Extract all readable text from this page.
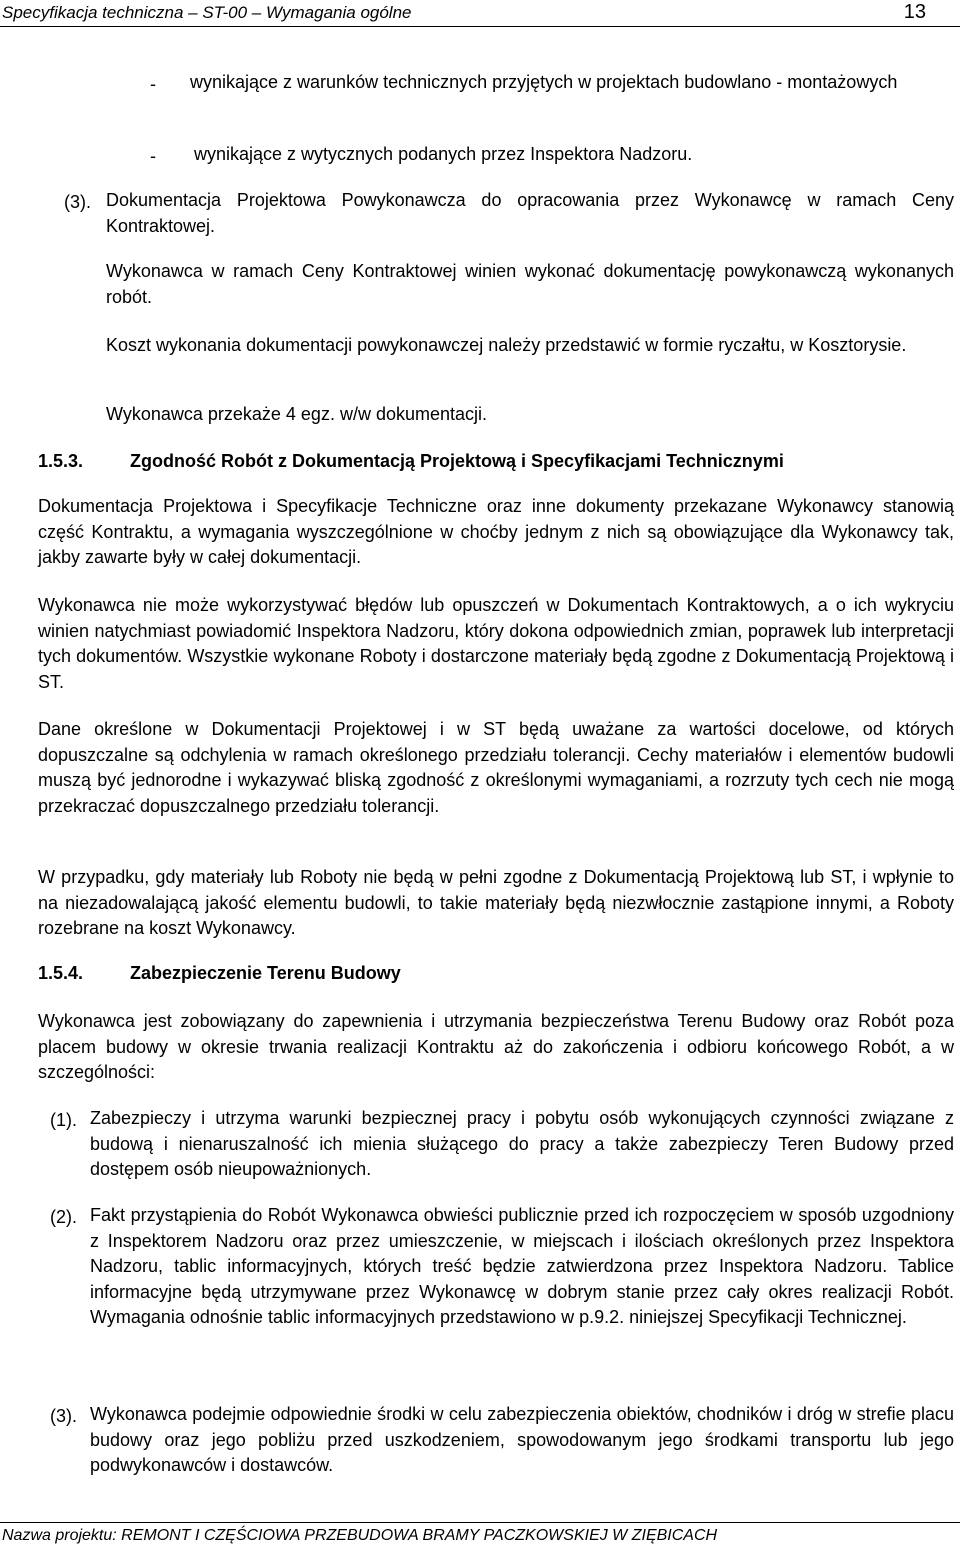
Specyfikacja techniczna – ST-00 – Wymagania ogólne	13
- wynikające z warunków technicznych przyjętych w projektach budowlano - montażowych
- wynikające z wytycznych podanych przez Inspektora Nadzoru.
(3). Dokumentacja Projektowa Powykonawcza do opracowania przez Wykonawcę w ramach Ceny Kontraktowej.
Wykonawca w ramach Ceny Kontraktowej winien wykonać dokumentację powykonawczą wykonanych robót.
Koszt wykonania dokumentacji powykonawczej należy przedstawić w formie ryczałtu, w Kosztorysie.
Wykonawca przekaże 4 egz. w/w dokumentacji.
1.5.3.	Zgodność Robót z Dokumentacją Projektową i Specyfikacjami Technicznymi
Dokumentacja Projektowa i Specyfikacje Techniczne oraz inne dokumenty przekazane Wykonawcy stanowią część Kontraktu, a wymagania wyszczególnione w choćby jednym z nich są obowiązujące dla Wykonawcy tak, jakby zawarte były w całej dokumentacji.
Wykonawca nie może wykorzystywać błędów lub opuszczeń w Dokumentach Kontraktowych, a o ich wykryciu winien natychmiast powiadomić Inspektora Nadzoru, który dokona odpowiednich zmian, poprawek lub interpretacji tych dokumentów. Wszystkie wykonane Roboty i dostarczone materiały będą zgodne z Dokumentacją Projektową i ST.
Dane określone w Dokumentacji Projektowej i w ST będą uważane za wartości docelowe, od których dopuszczalne są odchylenia w ramach określonego przedziału tolerancji. Cechy materiałów i elementów budowli muszą być jednorodne i wykazywać bliską zgodność z określonymi wymaganiami, a rozrzuty tych cech nie mogą przekraczać dopuszczalnego przedziału tolerancji.
W przypadku, gdy materiały lub Roboty nie będą w pełni zgodne z Dokumentacją Projektową lub ST, i wpłynie to na niezadowalającą jakość elementu budowli, to takie materiały będą niezwłocznie zastąpione innymi, a Roboty rozebrane na koszt Wykonawcy.
1.5.4.	Zabezpieczenie Terenu Budowy
Wykonawca jest zobowiązany do zapewnienia i utrzymania bezpieczeństwa Terenu Budowy oraz Robót poza placem budowy w okresie trwania realizacji Kontraktu aż do zakończenia i odbioru końcowego Robót, a w szczególności:
(1). Zabezpieczy i utrzyma warunki bezpiecznej pracy i pobytu osób wykonujących czynności związane z budową i nienaruszalność ich mienia służącego do pracy a także zabezpieczy Teren Budowy przed dostępem osób nieupoważnionych.
(2). Fakt przystąpienia do Robót Wykonawca obwieści publicznie przed ich rozpoczęciem w sposób uzgodniony z Inspektorem Nadzoru oraz przez umieszczenie, w miejscach i ilościach określonych przez Inspektora Nadzoru, tablic informacyjnych, których treść będzie zatwierdzona przez Inspektora Nadzoru. Tablice informacyjne będą utrzymywane przez Wykonawcę w dobrym stanie przez cały okres realizacji Robót. Wymagania odnośnie tablic informacyjnych przedstawiono w p.9.2. niniejszej Specyfikacji Technicznej.
(3). Wykonawca podejmie odpowiednie środki w celu zabezpieczenia obiektów, chodników i dróg w strefie placu budowy oraz jego pobliżu przed uszkodzeniem, spowodowanym jego środkami transportu lub jego podwykonawców i dostawców.
Nazwa projektu: REMONT I CZĘŚCIOWA PRZEBUDOWA BRAMY PACZKOWSKIEJ W ZIĘBICACH
